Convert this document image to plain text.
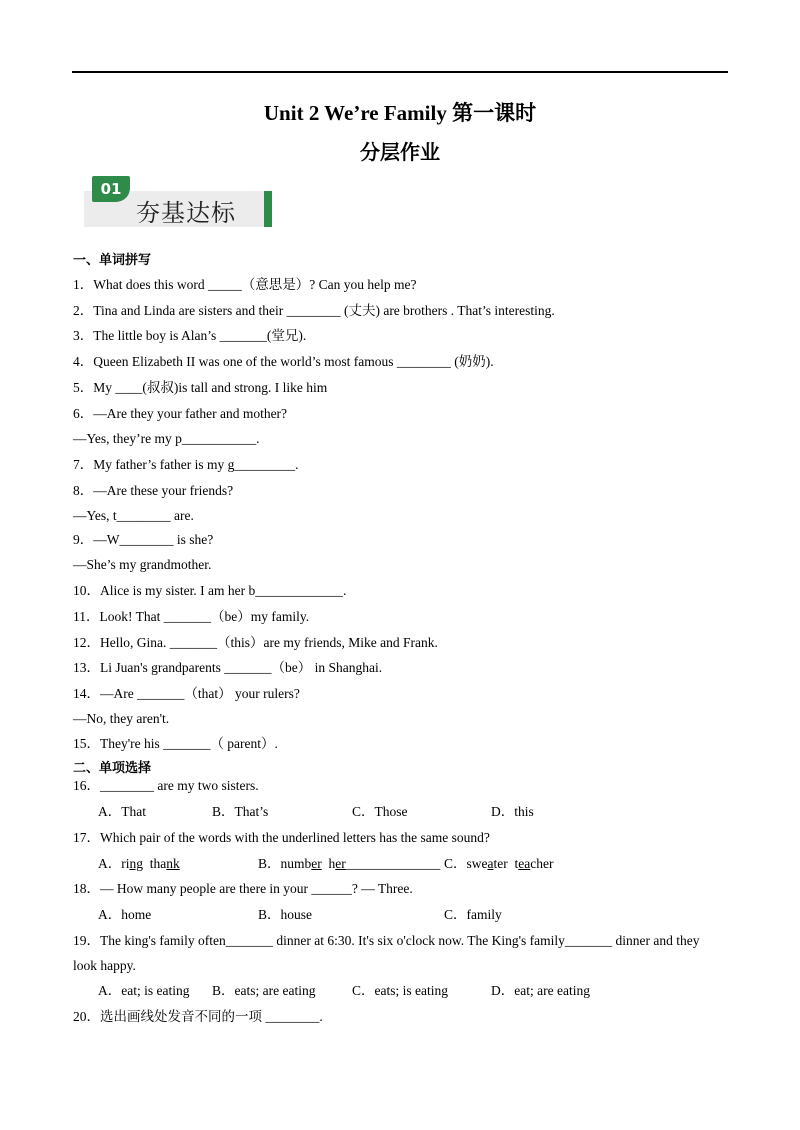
Unit 2 We’re Family 第一课时
分层作业
01
夯基达标
一、单词拼写
1．What does this word _____（意思是）? Can you help me?
2．Tina and Linda are sisters and their ________ (丈夫) are brothers . That’s interesting.
3．The little boy is Alan’s _______(堂兄).
4．Queen Elizabeth II was one of the world’s most famous ________ (奶奶).
5．My ____(叔叔)is tall and strong. I like him
6．—Are they your father and mother?
—Yes, they’re my p___________.
7．My father’s father is my g_________.
8．—Are these your friends?
—Yes, t________ are.
9．—W________ is she?
—She’s my grandmother.
10．Alice is my sister. I am her b_____________.
11．Look! That _______（be）my family.
12．Hello, Gina. _______（this）are my friends, Mike and Frank.
13．Li Juan's grandparents _______（be） in Shanghai.
14．—Are _______（that） your rulers?
—No, they aren't.
15．They're his _______（ parent）.
二、单项选择
16．________ are my two sisters.
A．That	B．That’s	C．Those	D．this
17．Which pair of the words with the underlined letters has the same sound?
A．ring  thank	B．number  her______________ C．sweater  teacher
18．— How many people are there in your ______? — Three.
A．home	B．house	C．family
19．The king's family often_______ dinner at 6:30. It's six o'clock now. The King's family_______ dinner and they
look happy.
A．eat; is eating B．eats; are eating	C．eats; is eating	D．eat; are eating
20．选出画线处发音不同的一项 ________.
